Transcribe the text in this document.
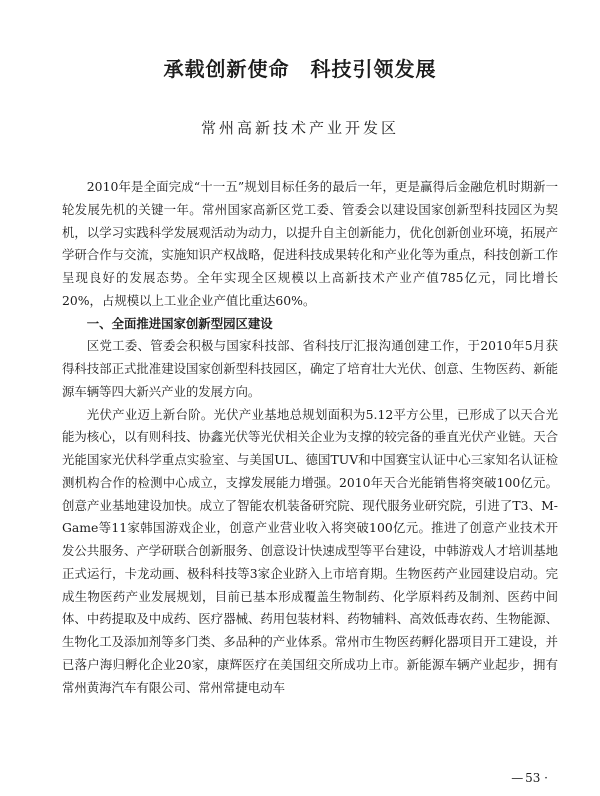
承载创新使命　科技引领发展
常州高新技术产业开发区

2010年是全面完成“十一五”规划目标任务的最后一年，更是赢得后金融危机时期新一轮发展先机的关键一年。常州国家高新区党工委、管委会以建设国家创新型科技园区为契机，以学习实践科学发展观活动为动力，以提升自主创新能力，优化创新创业环境，拓展产学研合作与交流，实施知识产权战略，促进科技成果转化和产业化等为重点，科技创新工作呈现良好的发展态势。全年实现全区规模以上高新技术产业产值785亿元，同比增长20%，占规模以上工业企业产值比重达60%。

一、全面推进国家创新型园区建设

区党工委、管委会积极与国家科技部、省科技厅汇报沟通创建工作，于2010年5月获得科技部正式批准建设国家创新型科技园区，确定了培育壮大光伏、创意、生物医药、新能源车辆等四大新兴产业的发展方向。

光伏产业迈上新台阶。光伏产业基地总规划面积为5.12平方公里，已形成了以天合光能为核心，以有则科技、协鑫光伏等光伏相关企业为支撑的较完备的垂直光伏产业链。天合光能国家光伏科学重点实验室、与美国UL、德国TUV和中国赛宝认证中心三家知名认证检测机构合作的检测中心成立，支撑发展能力增强。2010年天合光能销售将突破100亿元。创意产业基地建设加快。成立了智能农机装备研究院、现代服务业研究院，引进了T3、M-Game等11家韩国游戏企业，创意产业营业收入将突破100亿元。推进了创意产业技术开发公共服务、产学研联合创新服务、创意设计快速成型等平台建设，中韩游戏人才培训基地正式运行，卡龙动画、极科科技等3家企业跻入上市培育期。生物医药产业园建设启动。完成生物医药产业发展规划，目前已基本形成覆盖生物制药、化学原料药及制剂、医药中间体、中药提取及中成药、医疗器械、药用包装材料、药物辅料、高效低毒农药、生物能源、生物化工及添加剂等多门类、多品种的产业体系。常州市生物医药孵化器项目开工建设，并已落户海归孵化企业20家，康辉医疗在美国纽交所成功上市。新能源车辆产业起步，拥有常州黄海汽车有限公司、常州常捷电动车

— 53 ·
